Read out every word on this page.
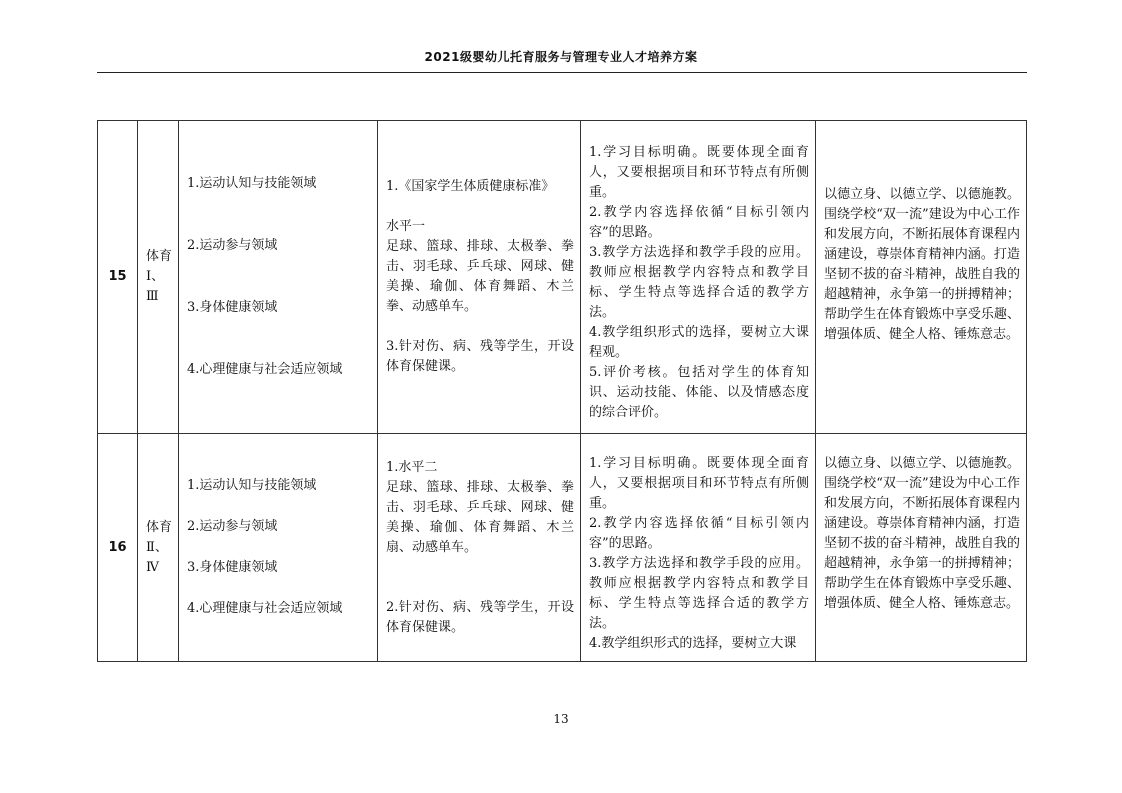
2021级婴幼儿托育服务与管理专业人才培养方案
15	体育
Ⅰ、
Ⅲ	1.运动认知与技能领域
2.运动参与领域
3.身体健康领域
4.心理健康与社会适应领域	1.《国家学生体质健康标准》
水平一
足球、篮球、排球、太极拳、拳击、羽毛球、乒乓球、网球、健美操、瑜伽、体育舞蹈、木兰拳、动感单车。
3.针对伤、病、残等学生，开设体育保健课。	1.学习目标明确。既要体现全面育人，又要根据项目和环节特点有所侧重。
2.教学内容选择依循“目标引领内容”的思路。
3.教学方法选择和教学手段的应用。教师应根据教学内容特点和教学目标、学生特点等选择合适的教学方法。
4.教学组织形式的选择，要树立大课程观。
5.评价考核。包括对学生的体育知识、运动技能、体能、以及情感态度的综合评价。	以德立身、以德立学、以德施教。围绕学校“双一流”建设为中心工作和发展方向，不断拓展体育课程内涵建设，尊崇体育精神内涵。打造坚韧不拔的奋斗精神，战胜自我的超越精神，永争第一的拼搏精神；帮助学生在体育锻炼中享受乐趣、增强体质、健全人格、锤炼意志。
16	体育
Ⅱ、
Ⅳ	1.运动认知与技能领域
2.运动参与领域
3.身体健康领域
4.心理健康与社会适应领域	1.水平二
足球、篮球、排球、太极拳、拳击、羽毛球、乒乓球、网球、健美操、瑜伽、体育舞蹈、木兰扇、动感单车。
2.针对伤、病、残等学生，开设体育保健课。	1.学习目标明确。既要体现全面育人，又要根据项目和环节特点有所侧重。
2.教学内容选择依循“目标引领内容”的思路。
3.教学方法选择和教学手段的应用。教师应根据教学内容特点和教学目标、学生特点等选择合适的教学方法。
4.教学组织形式的选择，要树立大课	以德立身、以德立学、以德施教。围绕学校“双一流”建设为中心工作和发展方向，不断拓展体育课程内涵建设。尊崇体育精神内涵，打造坚韧不拔的奋斗精神，战胜自我的超越精神，永争第一的拼搏精神；帮助学生在体育锻炼中享受乐趣、增强体质、健全人格、锤炼意志。
13
